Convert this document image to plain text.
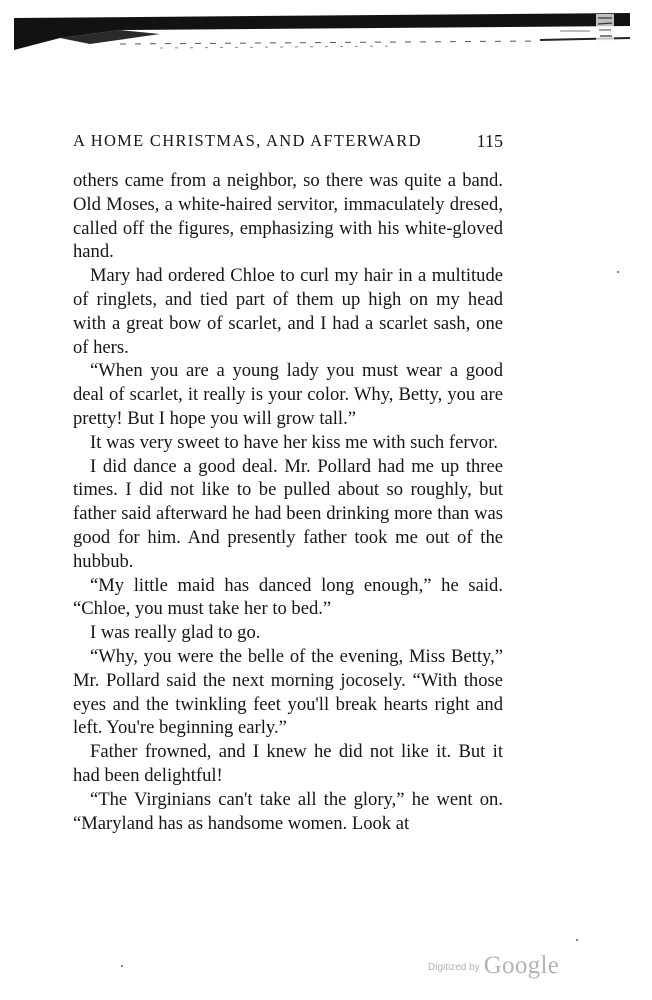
A HOME CHRISTMAS, AND AFTERWARD	115

others came from a neighbor, so there was quite a band. Old Moses, a white-haired servitor, immaculately dresed, called off the figures, emphasizing with his white-gloved hand.

Mary had ordered Chloe to curl my hair in a multitude of ringlets, and tied part of them up high on my head with a great bow of scarlet, and I had a scarlet sash, one of hers.

“When you are a young lady you must wear a good deal of scarlet, it really is your color. Why, Betty, you are pretty! But I hope you will grow tall.”

It was very sweet to have her kiss me with such fervor.

I did dance a good deal. Mr. Pollard had me up three times. I did not like to be pulled about so roughly, but father said afterward he had been drinking more than was good for him. And presently father took me out of the hubbub.

“My little maid has danced long enough,” he said. “Chloe, you must take her to bed.”

I was really glad to go.

“Why, you were the belle of the evening, Miss Betty,” Mr. Pollard said the next morning jocosely. “With those eyes and the twinkling feet you'll break hearts right and left. You're beginning early.”

Father frowned, and I knew he did not like it. But it had been delightful!

“The Virginians can't take all the glory,” he went on. “Maryland has as handsome women. Look at

Digitized by Google
